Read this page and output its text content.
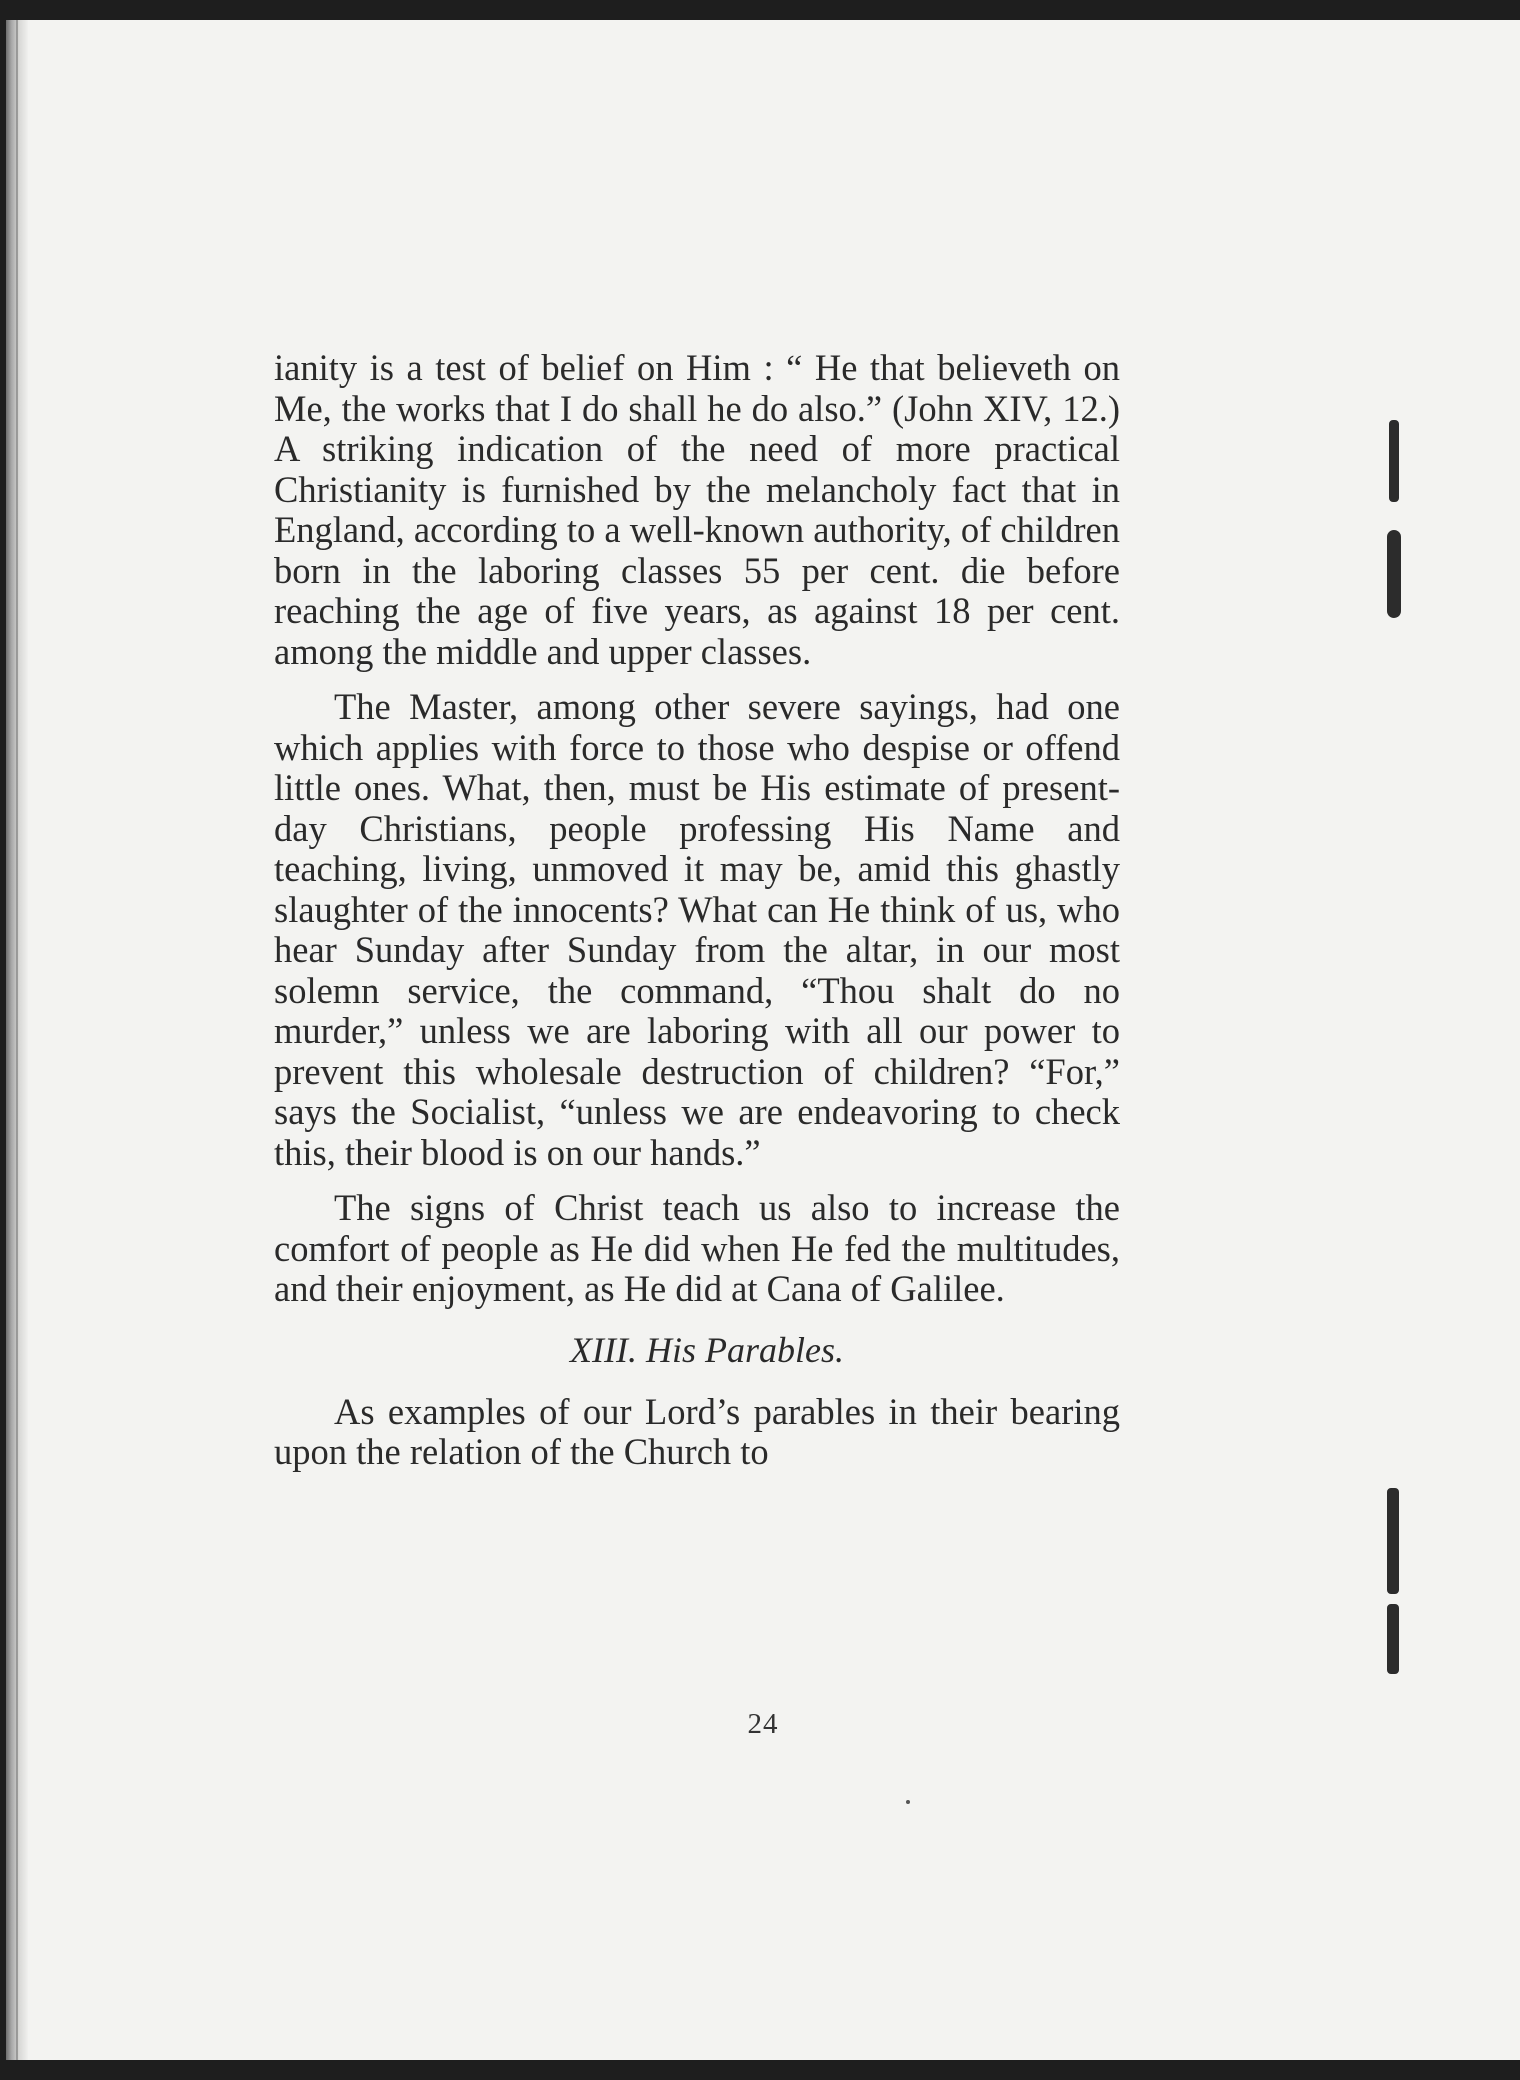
ianity is a test of belief on Him : “ He that believeth on Me, the works that I do shall he do also.” (John XIV, 12.) A striking indication of the need of more practical Christianity is furnished by the melancholy fact that in England, according to a well-known authority, of children born in the laboring classes 55 per cent. die before reaching the age of five years, as against 18 per cent. among the middle and upper classes.

The Master, among other severe sayings, had one which applies with force to those who despise or offend little ones. What, then, must be His estimate of present-day Christians, people professing His Name and teaching, living, unmoved it may be, amid this ghastly slaughter of the innocents? What can He think of us, who hear Sunday after Sunday from the altar, in our most solemn service, the command, “Thou shalt do no murder,” unless we are laboring with all our power to prevent this wholesale destruction of children? “For,” says the Socialist, “unless we are endeavoring to check this, their blood is on our hands.”

The signs of Christ teach us also to increase the comfort of people as He did when He fed the multitudes, and their enjoyment, as He did at Cana of Galilee.

XIII. His Parables.

As examples of our Lord’s parables in their bearing upon the relation of the Church to

24
